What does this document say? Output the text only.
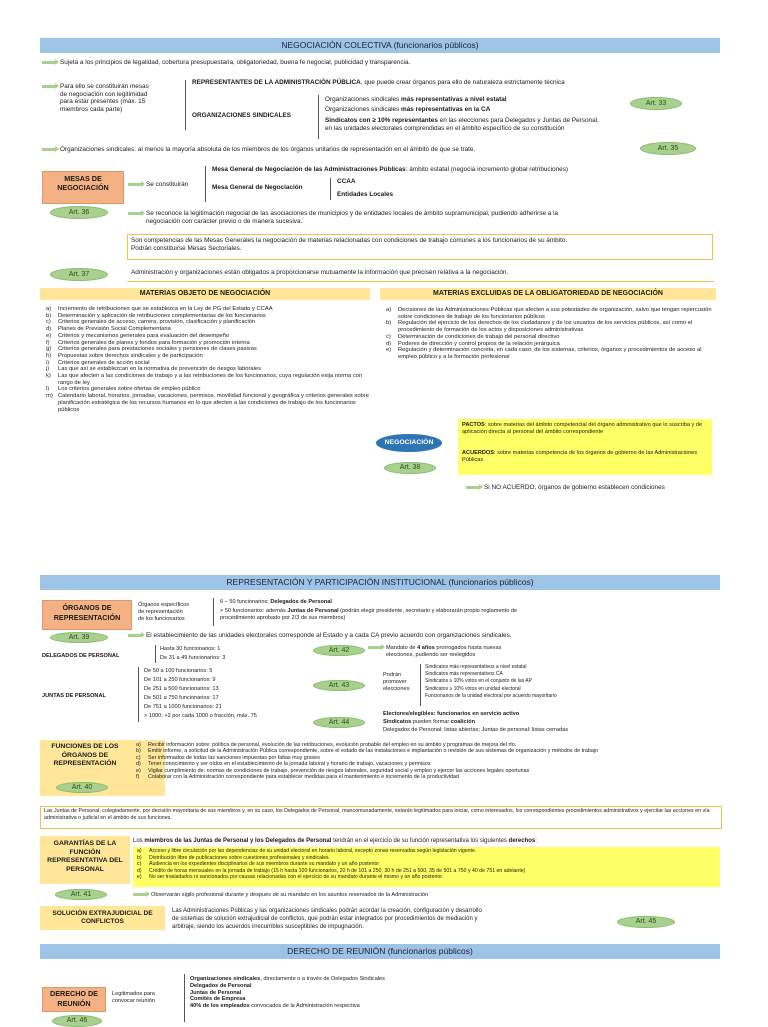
NEGOCIACIÓN COLECTIVA (funcionarios públicos)
Sujeta a los principios de legalidad, cobertura presupuestaria, obligatoriedad, buena fe negocial, publicidad y transparencia.
Para ello se constituirán mesas
de negociación con legitimidad
para estar presentes (máx. 15
miembros cada parte)
REPRESENTANTES DE LA ADMINISTRACIÓN PÚBLICA, que puede crear órganos para ello de naturaleza estrictamente técnica
ORGANIZACIONES SINDICALES
Organizaciones sindicales más representativas a nivel estatal
Organizaciones sindicales más representativas en la CA
Sindicatos con ≥ 10% representantes en las elecciones para Delegados y Juntas de Personal,
en las unidades electorales comprendidas en el ámbito específico de su constitución
Art. 33
Organizaciones sindicales: al menos la mayoría absoluta de los miembros de los órganos unitarios de representación en el ámbito de que se trate.	Art. 35
MESAS DE NEGOCIACIÓN	Se constituirán
Mesa General de Negociación de las Administraciones Públicas: ámbito estatal (negocia incremento global retribuciones)
Mesa General de Negociación
CCAA
Entidades Locales
Art. 36	Se reconoce la legitimación negocial de las asociaciones de municipios y de entidades locales de ámbito supramunicipal, pudiendo adherirse a la
negociación con carácter previo o de manera sucesiva.
Son competencias de las Mesas Generales la negociación de materias relacionadas con condiciones de trabajo comunes a los funcionarios de su ámbito.
Podrán constituirse Mesas Sectoriales.
Art. 37	Administración y organizaciones están obligados a proporcionarse mutuamente la información que precisen relativa a la negociación.
MATERIAS OBJETO DE NEGOCIACIÓN
a) Incremento de retribuciones que se establezca en la Ley de PG del Estado y CCAA
b) Determinación y aplicación de retribuciones complementarias de los funcionarios
c) Criterios generales de acceso, carrera, provisión, clasificación y planificación
d) Planes de Previsión Social Complementaria
e) Criterios y mecanismos generales para evaluación del desempeño
f) Criterios generales de planes y fondos para formación y promoción interna
g) Criterios generales para prestaciones sociales y pensiones de clases pasivas
h) Propuestas sobre derechos sindicales y de participación
i) Criterios generales de acción social
j) Las que así se establezcan en la normativa de prevención de riesgos laborales
k) Las que afecten a las condiciones de trabajo y a las retribuciones de los funcionarios, cuya regulación exija norma con rango de ley
l) Los criterios generales sobre ofertas de empleo público
m) Calendario laboral, horarios, jornadas, vacaciones, permisos, movilidad funcional y geográfica y criterios generales sobre planificación estratégica de los recursos humanos en lo que afecten a las condiciones de trabajo de los funcionarios públicos
MATERIAS EXCLUIDAS DE LA OBLIGATORIEDAD DE NEGOCIACIÓN
a) Decisiones de las Administraciones Públicas que afecten a sus potestades de organización, salvo que tengan repercusión sobre condiciones de trabajo de los funcionarios públicos
b) Regulación del ejercicio de los derechos de los ciudadanos y de los usuarios de los servicios públicos, así como el procedimiento de formación de los actos y disposiciones administrativas
c) Determinación de condiciones de trabajo del personal directivo
d) Poderes de dirección y control propios de la relación jerárquica
e) Regulación y determinación concreta, en cada caso, de los sistemas, criterios, órganos y procedimientos de acceso al empleo público y a la formación profesional
NEGOCIACIÓN
Art. 38
PACTOS: sobre materias del ámbito competencial del órgano administrativo que lo suscriba y de aplicación directa al personal del ámbito correspondiente
ACUERDOS: sobre materias competencia de los órganos de gobierno de las Administraciones Públicas
Si NO ACUERDO, órganos de gobierno establecen condiciones
REPRESENTACIÓN Y PARTICIPACIÓN INSTITUCIONAL (funcionarios públicos)
ÓRGANOS DE REPRESENTACIÓN
Órganos específicos
de representación
de los funcionarios
6 – 50 funcionarios: Delegados de Personal
> 50 funcionarios: además Juntas de Personal (podrán elegir presidente, secretario y elaborarán propio reglamento de
procedimiento aprobado por 2/3 de sus miembros)
Art. 39	El establecimiento de las unidades electorales corresponde al Estado y a cada CA previo acuerdo con organizaciones sindicales.
DELEGADOS DE PERSONAL
Hasta 30 funcionarios: 1
De 31 a 49 funcionarios: 3
Art. 42	Mandato de 4 años prorrogados hasta nuevas
elecciones, pudiendo ser reelegidos
JUNTAS DE PERSONAL
De 50 a 100 funcionarios: 5
De 101 a 250 funcionarios: 9
De 251 a 500 funcionarios: 13
De 501 a 750 funcionarios: 17
De 751 a 1000 funcionarios: 21
> 1000: +2 por cada 1000 o fracción, máx. 75
Art. 43
Podrán
promover
elecciones
Sindicatos más representativos a nivel estatal
Sindicatos más representativos CA
Sindicatos ≥ 10% votos en el conjunto de las AP
Sindicatos ≥ 10% votos en unidad electoral
Funcionarios de la unidad electoral por acuerdo mayoritario
Art. 44
Electores/elegibles: funcionarios en servicio activo
Sindicatos pueden formar coalición
Delegados de Personal: listas abiertas; Juntas de personal: listas cerradas
FUNCIONES DE LOS ÓRGANOS DE REPRESENTACIÓN
Art. 40
a) Recibir información sobre: política de personal, evolución de las retribuciones, evolución probable del empleo en su ámbito y programas de mejora del rto.
b) Emitir informe, a solicitud de la Administración Pública correspondiente, sobre el estado de las instalaciones e implantación o revisión de sus sistemas de organización y métodos de trabajo
c) Ser informados de todas las sanciones impuestas por faltas muy graves
d) Tener conocimiento y ser oídos en el establecimiento de la jornada laboral y horario de trabajo, vacaciones y permisos
e) Vigilar cumplimiento de: normas de condiciones de trabajo, prevención de riesgos laborales, seguridad social y empleo y ejercer las acciones legales oportunas
f) Colaborar con la Administración correspondiente para establecer medidas para el mantenimiento e incremento de la productividad
Las Juntas de Personal, colegiadamente, por decisión mayoritaria de sus miembros y, en su caso, los Delegados de Personal, mancomunadamente, estarán legitimados para iniciar, como interesados, los correspondientes procedimientos administrativos y ejercitar las acciones en vía administrativa o judicial en el ámbito de sus funciones.
GARANTÍAS DE LA FUNCIÓN REPRESENTATIVA DEL PERSONAL
Art. 41
Los miembros de las Juntas de Personal y los Delegados de Personal tendrán en el ejercicio de su función representativa los siguientes derechos:
a) Acceso y libre circulación por las dependencias de su unidad electoral en horario laboral, excepto zonas reservadas según legislación vigente.
b) Distribución libre de publicaciones sobre cuestiones profesionales y sindicales
c) Audiencia en los expedientes disciplinarios de sus miembros durante su mandato y un año posterior
d) Crédito de horas mensuales en la jornada de trabajo (15 h hasta 100 funcionarios, 20 h de 101 a 250, 30 h de 251 a 500, 35 de 501 a 750 y 40 de 751 en adelante)
e) No ser trasladados ni sancionados por causas relacionadas con el ejercicio de su mandato durante el mismo y un año posterior.
Observarán sigilo profesional durante y después de su mandato en los asuntos reservados de la Administración
SOLUCIÓN EXTRAJUDICIAL DE CONFLICTOS
Las Administraciones Públicas y las organizaciones sindicales podrán acordar la creación, configuración y desarrollo
de sistemas de solución extrajudicial de conflictos, que podrán estar integrados por procedimientos de mediación y
arbitraje, siendo los acuerdos irrecurribles susceptibles de impugnación.
Art. 45
DERECHO DE REUNIÓN (funcionarios públicos)
DERECHO DE REUNIÓN
Legitimados para
convocar reunión
Organizaciones sindicales, directamente o a través de Delegados Sindicales
Delegados de Personal
Juntas de Personal
Comités de Empresa
40% de los empleados convocados de la Administración respectiva
Art. 46
